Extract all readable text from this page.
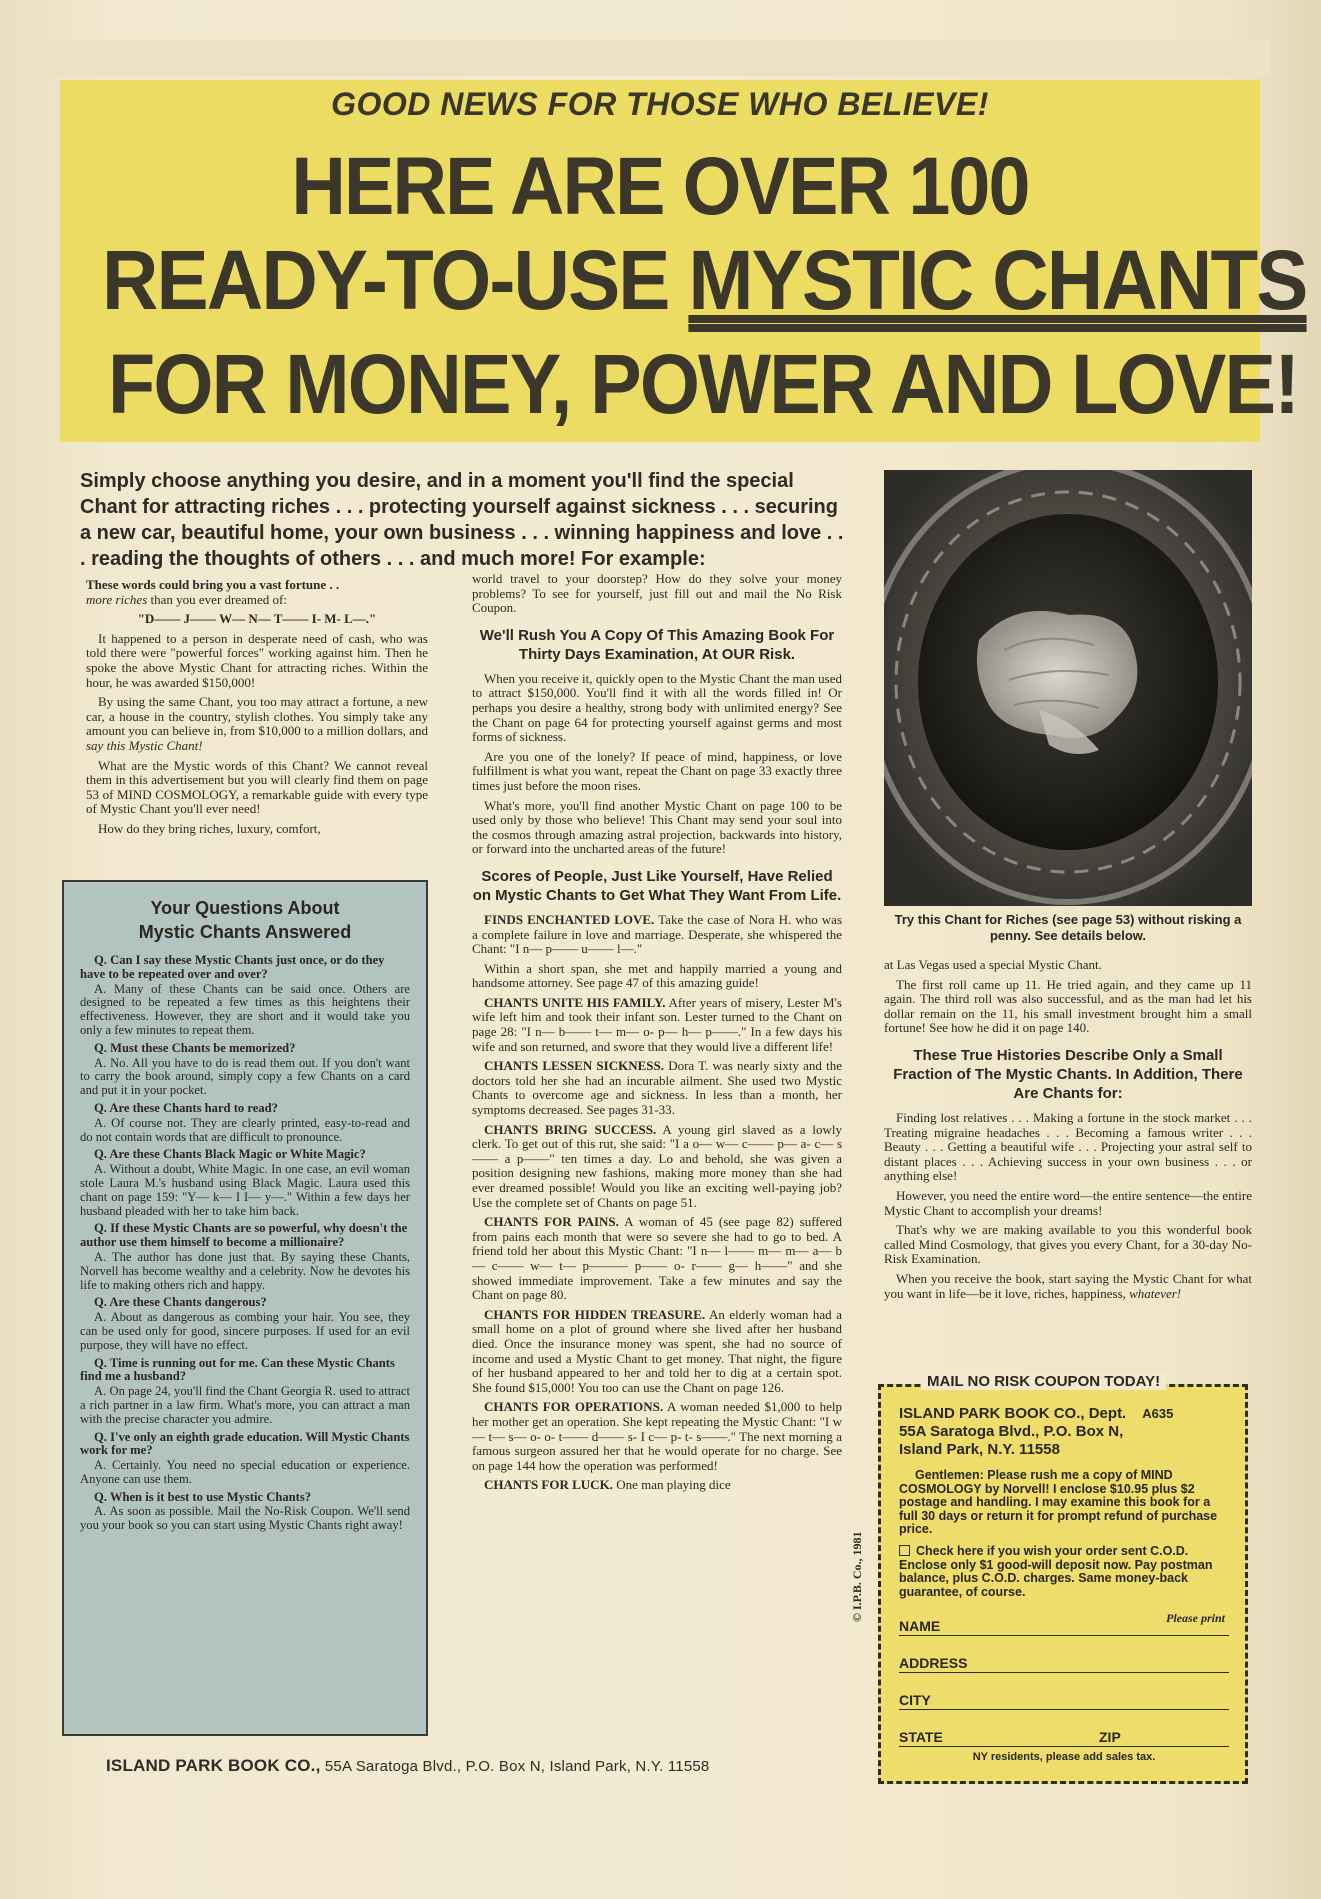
GOOD NEWS FOR THOSE WHO BELIEVE!
HERE ARE OVER 100
READY-TO-USE MYSTIC CHANTS
FOR MONEY, POWER AND LOVE!
Simply choose anything you desire, and in a moment you'll find the special Chant for attracting riches . . . protecting yourself against sickness . . . securing a new car, beautiful home, your own business . . . winning happiness and love . . . reading the thoughts of others . . . and much more! For example:

These words could bring you a vast fortune . .
more riches than you ever dreamed of:

"D—— J—— W— N— T—— I- M- L—."

It happened to a person in desperate need of cash, who was told there were "powerful forces" working against him. Then he spoke the above Mystic Chant for attracting riches. Within the hour, he was awarded $150,000!

By using the same Chant, you too may attract a fortune, a new car, a house in the country, stylish clothes. You simply take any amount you can believe in, from $10,000 to a million dollars, and say this Mystic Chant!

What are the Mystic words of this Chant? We cannot reveal them in this advertisement but you will clearly find them on page 53 of MIND COSMOLOGY, a remarkable guide with every type of Mystic Chant you'll ever need!

How do they bring riches, luxury, comfort,

Your Questions About
Mystic Chants Answered
Q. Can I say these Mystic Chants just once, or do they have to be repeated over and over?
A. Many of these Chants can be said once. Others are designed to be repeated a few times as this heightens their effectiveness. However, they are short and it would take you only a few minutes to repeat them.
Q. Must these Chants be memorized?
A. No. All you have to do is read them out. If you don't want to carry the book around, simply copy a few Chants on a card and put it in your pocket.
Q. Are these Chants hard to read?
A. Of course not. They are clearly printed, easy-to-read and do not contain words that are difficult to pronounce.
Q. Are these Chants Black Magic or White Magic?
A. Without a doubt, White Magic. In one case, an evil woman stole Laura M.'s husband using Black Magic. Laura used this chant on page 159: "Y— k— I I— y—." Within a few days her husband pleaded with her to take him back.
Q. If these Mystic Chants are so powerful, why doesn't the author use them himself to become a millionaire?
A. The author has done just that. By saying these Chants, Norvell has become wealthy and a celebrity. Now he devotes his life to making others rich and happy.
Q. Are these Chants dangerous?
A. About as dangerous as combing your hair. You see, they can be used only for good, sincere purposes. If used for an evil purpose, they will have no effect.
Q. Time is running out for me. Can these Mystic Chants find me a husband?
A. On page 24, you'll find the Chant Georgia R. used to attract a rich partner in a law firm. What's more, you can attract a man with the precise character you admire.
Q. I've only an eighth grade education. Will Mystic Chants work for me?
A. Certainly. You need no special education or experience. Anyone can use them.
Q. When is it best to use Mystic Chants?
A. As soon as possible. Mail the No-Risk Coupon. We'll send you your book so you can start using Mystic Chants right away!

world travel to your doorstep? How do they solve your money problems? To see for yourself, just fill out and mail the No Risk Coupon.

We'll Rush You A Copy Of This Amazing Book For Thirty Days Examination, At OUR Risk.

When you receive it, quickly open to the Mystic Chant the man used to attract $150,000. You'll find it with all the words filled in! Or perhaps you desire a healthy, strong body with unlimited energy? See the Chant on page 64 for protecting yourself against germs and most forms of sickness.

Are you one of the lonely? If peace of mind, happiness, or love fulfillment is what you want, repeat the Chant on page 33 exactly three times just before the moon rises.

What's more, you'll find another Mystic Chant on page 100 to be used only by those who believe! This Chant may send your soul into the cosmos through amazing astral projection, backwards into history, or forward into the uncharted areas of the future!

Scores of People, Just Like Yourself, Have Relied on Mystic Chants to Get What They Want From Life.

FINDS ENCHANTED LOVE. Take the case of Nora H. who was a complete failure in love and marriage. Desperate, she whispered the Chant: "I n— p—— u—— l—."

Within a short span, she met and happily married a young and handsome attorney. See page 47 of this amazing guide!

CHANTS UNITE HIS FAMILY. After years of misery, Lester M's wife left him and took their infant son. Lester turned to the Chant on page 28: "I n— b—— t— m— o- p— h— p——." In a few days his wife and son returned, and swore that they would live a different life!

CHANTS LESSEN SICKNESS. Dora T. was nearly sixty and the doctors told her she had an incurable ailment. She used two Mystic Chants to overcome age and sickness. In less than a month, her symptoms decreased. See pages 31-33.

CHANTS BRING SUCCESS. A young girl slaved as a lowly clerk. To get out of this rut, she said: "I a o— w— c—— p— a- c— s—— a p——" ten times a day. Lo and behold, she was given a position designing new fashions, making more money than she had ever dreamed possible! Would you like an exciting well-paying job? Use the complete set of Chants on page 51.

CHANTS FOR PAINS. A woman of 45 (see page 82) suffered from pains each month that were so severe she had to go to bed. A friend told her about this Mystic Chant: "I n— l—— m— m— a— b— c—— w— t— p——— p—— o- r—— g— h——" and she showed immediate improvement. Take a few minutes and say the Chant on page 80.

CHANTS FOR HIDDEN TREASURE. An elderly woman had a small home on a plot of ground where she lived after her husband died. Once the insurance money was spent, she had no source of income and used a Mystic Chant to get money. That night, the figure of her husband appeared to her and told her to dig at a certain spot. She found $15,000! You too can use the Chant on page 126.

CHANTS FOR OPERATIONS. A woman needed $1,000 to help her mother get an operation. She kept repeating the Mystic Chant: "I w— t— s— o- o- t—— d—— s- I c— p- t- s——." The next morning a famous surgeon assured her that he would operate for no charge. See on page 144 how the operation was performed!

CHANTS FOR LUCK. One man playing dice

Try this Chant for Riches (see page 53) without risking a penny. See details below.

at Las Vegas used a special Mystic Chant.

The first roll came up 11. He tried again, and they came up 11 again. The third roll was also successful, and as the man had let his dollar remain on the 11, his small investment brought him a small fortune! See how he did it on page 140.

These True Histories Describe Only a Small Fraction of The Mystic Chants. In Addition, There Are Chants for:

Finding lost relatives . . . Making a fortune in the stock market . . . Treating migraine headaches . . . Becoming a famous writer . . . Beauty . . . Getting a beautiful wife . . . Projecting your astral self to distant places . . . Achieving success in your own business . . . or anything else!

However, you need the entire word—the entire sentence—the entire Mystic Chant to accomplish your dreams!

That's why we are making available to you this wonderful book called Mind Cosmology, that gives you every Chant, for a 30-day No-Risk Examination.

When you receive the book, start saying the Mystic Chant for what you want in life—be it love, riches, happiness, whatever!

© I.P.B. Co., 1981
MAIL NO RISK COUPON TODAY!
ISLAND PARK BOOK CO., Dept. A635
55A Saratoga Blvd., P.O. Box N,
Island Park, N.Y. 11558
Gentlemen: Please rush me a copy of MIND COSMOLOGY by Norvell! I enclose $10.95 plus $2 postage and handling. I may examine this book for a full 30 days or return it for prompt refund of purchase price.
Check here if you wish your order sent C.O.D. Enclose only $1 good-will deposit now. Pay postman balance, plus C.O.D. charges. Same money-back guarantee, of course.
NAME	Please print
ADDRESS
CITY
STATE	ZIP
NY residents, please add sales tax.
ISLAND PARK BOOK CO., 55A Saratoga Blvd., P.O. Box N, Island Park, N.Y. 11558
